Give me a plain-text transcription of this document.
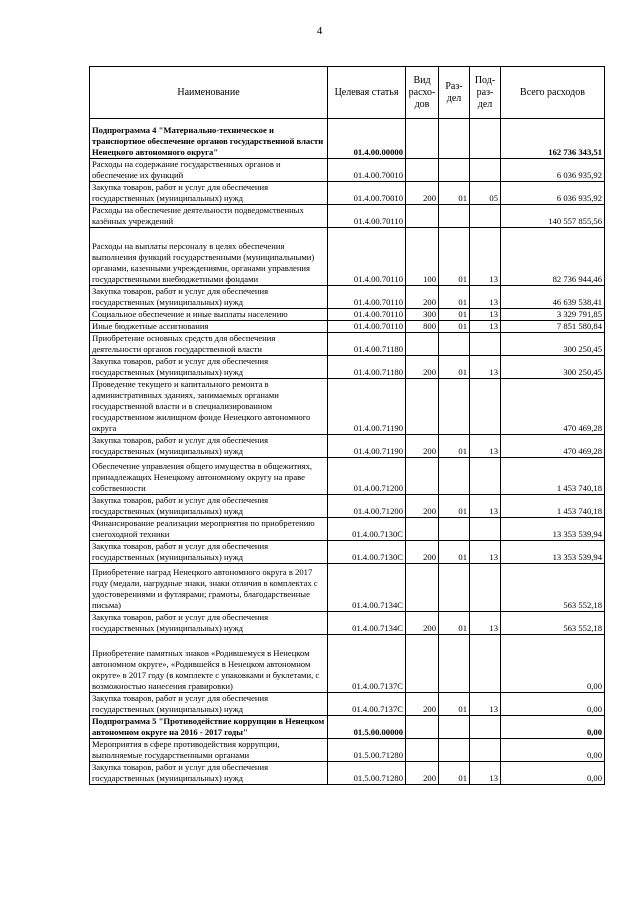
4
Наименование	Целевая статья	Вид расхо-дов	Раз-дел	Под-раз-дел	Всего расходов
Подпрограмма 4 "Материально-техническое и транспортное обеспечение органов государственной власти Ненецкого автономного округа"	01.4.00.00000				162 736 343,51
Расходы на содержание государственных органов и обеспечение их функций	01.4.00.70010				6 036 935,92
Закупка товаров, работ и услуг для обеспечения государственных (муниципальных) нужд	01.4.00.70010	200	01	05	6 036 935,92
Расходы на обеспечение деятельности подведомственных казённых учреждений	01.4.00.70110				140 557 855,56
Расходы на выплаты персоналу в целях обеспечения выполнения функций государственными (муниципальными) органами, казенными учреждениями, органами управления государственными внебюджетными фондами	01.4.00.70110	100	01	13	82 736 944,46
Закупка товаров, работ и услуг для обеспечения государственных (муниципальных) нужд	01.4.00.70110	200	01	13	46 639 538,41
Социальное обеспечение и иные выплаты населению	01.4.00.70110	300	01	13	3 329 791,85
Иные бюджетные ассигнования	01.4.00.70110	800	01	13	7 851 580,84
Приобретение основных средств для обеспечения деятельности органов государственной власти	01.4.00.71180				300 250,45
Закупка товаров, работ и услуг для обеспечения государственных (муниципальных) нужд	01.4.00.71180	200	01	13	300 250,45
Проведение текущего и капитального ремонта в административных зданиях, занимаемых органами государственной власти и в специализированном государственном жилищном фонде Ненецкого автономного округа	01.4.00.71190				470 469,28
Закупка товаров, работ и услуг для обеспечения государственных (муниципальных) нужд	01.4.00.71190	200	01	13	470 469,28
Обеспечение управления общего имущества в общежитиях, принадлежащих Ненецкому автономному округу на праве собственности	01.4.00.71200				1 453 740,18
Закупка товаров, работ и услуг для обеспечения государственных (муниципальных) нужд	01.4.00.71200	200	01	13	1 453 740,18
Финансирование реализации мероприятия по приобретению снегоходной техники	01.4.00.7130С				13 353 539,94
Закупка товаров, работ и услуг для обеспечения государственных (муниципальных) нужд	01.4.00.7130С	200	01	13	13 353 539,94
Приобретение наград Ненецкого автономного округа в 2017 году (медали, нагрудные знаки, знаки отличия в комплектах с удостоверениями и футлярами; грамоты, благодарственные письма)	01.4.00.7134С				563 552,18
Закупка товаров, работ и услуг для обеспечения государственных (муниципальных) нужд	01.4.00.7134С	200	01	13	563 552,18
Приобретение памятных знаков «Родившемуся в Ненецком автономном округе», «Родившейся в Ненецком автономном округе» в 2017 году (в комплекте с упаковками и буклетами, с возможностью нанесения гравировки)	01.4.00.7137С				0,00
Закупка товаров, работ и услуг для обеспечения государственных (муниципальных) нужд	01.4.00.7137С	200	01	13	0,00
Подпрограмма 5 "Противодействие коррупции в Ненецком автономном округе на 2016 - 2017 годы"	01.5.00.00000				0,00
Мероприятия в сфере противодействия коррупции, выполняемые государственными органами	01.5.00.71280				0,00
Закупка товаров, работ и услуг для обеспечения государственных (муниципальных) нужд	01.5.00.71280	200	01	13	0,00
